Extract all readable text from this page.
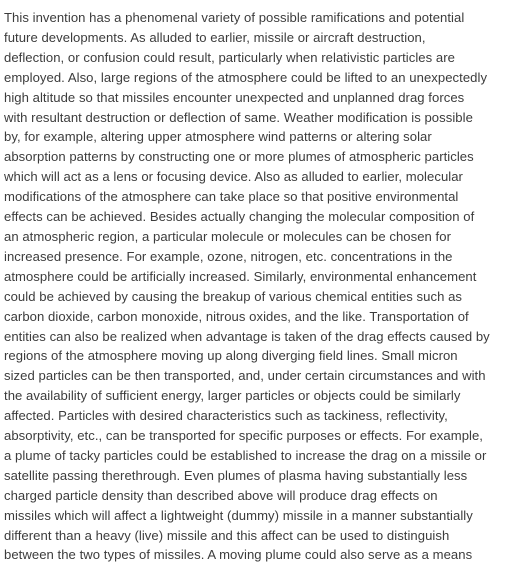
This invention has a phenomenal variety of possible ramifications and potential
future developments. As alluded to earlier, missile or aircraft destruction,
deflection, or confusion could result, particularly when relativistic particles are
employed. Also, large regions of the atmosphere could be lifted to an unexpectedly
high altitude so that missiles encounter unexpected and unplanned drag forces
with resultant destruction or deflection of same. Weather modification is possible
by, for example, altering upper atmosphere wind patterns or altering solar
absorption patterns by constructing one or more plumes of atmospheric particles
which will act as a lens or focusing device. Also as alluded to earlier, molecular
modifications of the atmosphere can take place so that positive environmental
effects can be achieved. Besides actually changing the molecular composition of
an atmospheric region, a particular molecule or molecules can be chosen for
increased presence. For example, ozone, nitrogen, etc. concentrations in the
atmosphere could be artificially increased. Similarly, environmental enhancement
could be achieved by causing the breakup of various chemical entities such as
carbon dioxide, carbon monoxide, nitrous oxides, and the like. Transportation of
entities can also be realized when advantage is taken of the drag effects caused by
regions of the atmosphere moving up along diverging field lines. Small micron
sized particles can be then transported, and, under certain circumstances and with
the availability of sufficient energy, larger particles or objects could be similarly
affected. Particles with desired characteristics such as tackiness, reflectivity,
absorptivity, etc., can be transported for specific purposes or effects. For example,
a plume of tacky particles could be established to increase the drag on a missile or
satellite passing therethrough. Even plumes of plasma having substantially less
charged particle density than described above will produce drag effects on
missiles which will affect a lightweight (dummy) missile in a manner substantially
different than a heavy (live) missile and this affect can be used to distinguish
between the two types of missiles. A moving plume could also serve as a means
